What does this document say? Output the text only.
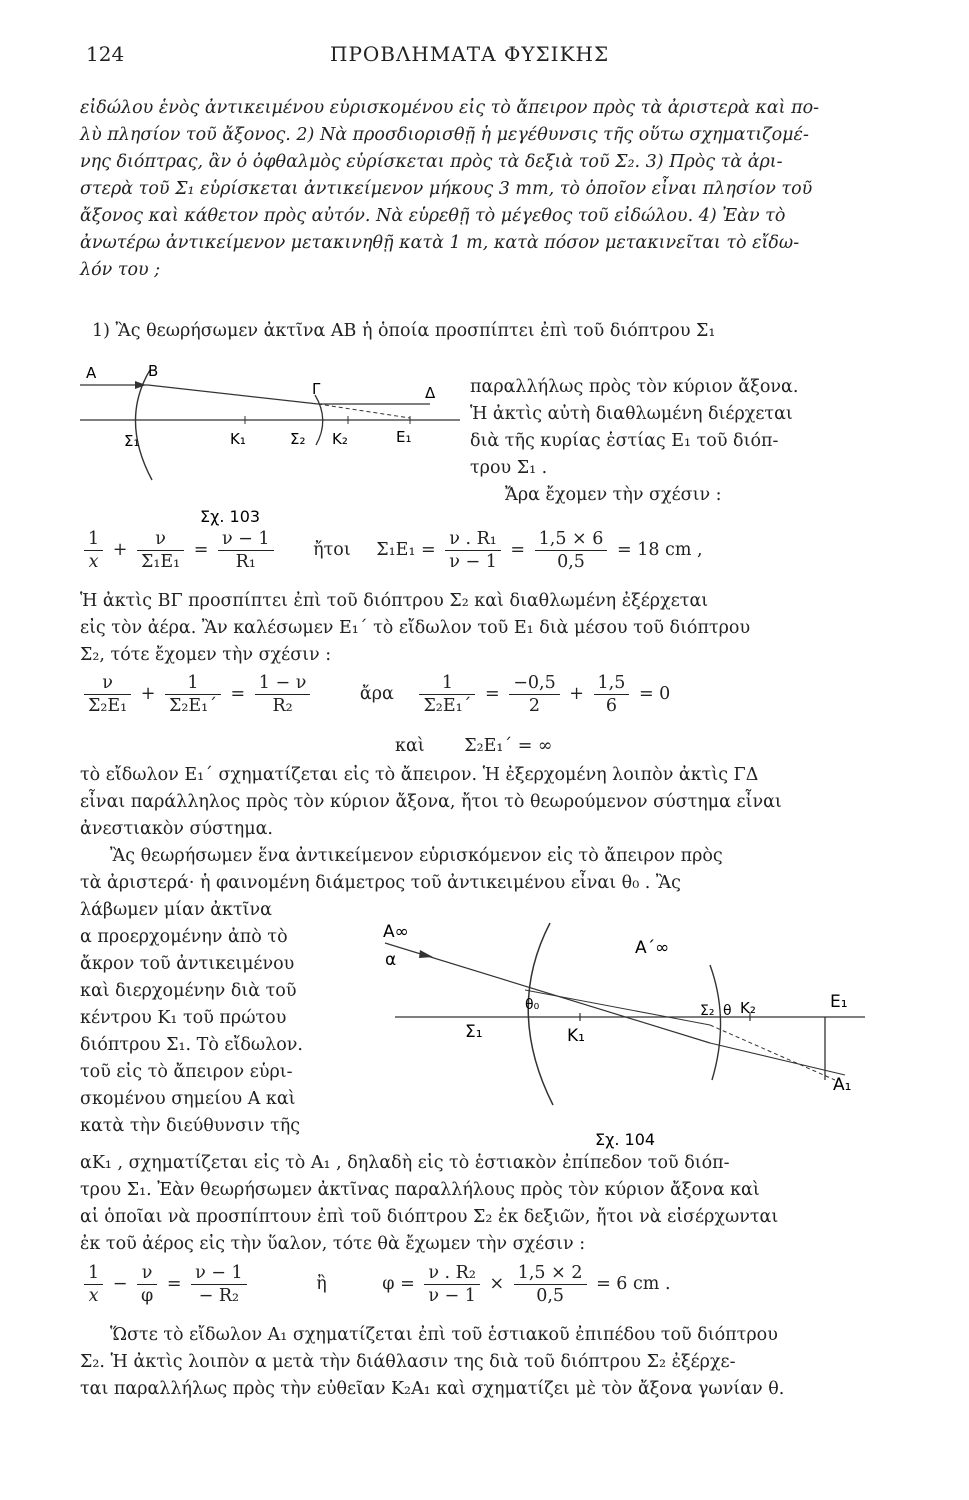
124	ΠΡΟΒΛΗΜΑΤΑ ΦΥΣΙΚΗΣ
εἰδώλου ἑνὸς ἀντικειμένου εὑρισκομένου εἰς τὸ ἄπειρον πρὸς τὰ ἀριστερὰ καὶ πο-
λὺ πλησίον τοῦ ἄξονος. 2) Νὰ προσδιορισθῇ ἡ μεγέθυνσις τῆς οὕτω σχηματιζομέ-
νης διόπτρας, ἂν ὁ ὀφθαλμὸς εὑρίσκεται πρὸς τὰ δεξιὰ τοῦ Σ₂. 3) Πρὸς τὰ ἀρι-
στερὰ τοῦ Σ₁ εὑρίσκεται ἀντικείμενον μήκους 3 mm, τὸ ὁποῖον εἶναι πλησίον τοῦ
ἄξονος καὶ κάθετον πρὸς αὐτόν. Νὰ εὑρεθῇ τὸ μέγεθος τοῦ εἰδώλου. 4) Ἐὰν τὸ
ἀνωτέρω ἀντικείμενον μετακινηθῇ κατὰ 1 m, κατὰ πόσον μετακινεῖται τὸ εἴδω-
λόν του ;
1) Ἂς θεωρήσωμεν ἀκτῖνα ΑΒ ἡ ὁποία προσπίπτει ἐπὶ τοῦ διόπτρου Σ₁
Α	Β
Γ	Δ
Σ₁	Κ₁	Σ₂ Κ₂	Ε₁
Σχ. 103
παραλλήλως πρὸς τὸν κύριον ἄξονα.
Ἡ ἀκτὶς αὐτὴ διαθλωμένη διέρχεται
διὰ τῆς κυρίας ἑστίας Ε₁ τοῦ διόπ-
τρου Σ₁ .
Ἄρα ἔχομεν τὴν σχέσιν :
$\frac{1}{x} + \frac{\nu}{\text{Σ₁Ε₁}} = \frac{\nu - 1}{\text{R₁}}$ ἤτοι $\Sigma_1E_1 = \frac{\text{ν . R₁}}{\nu - 1} = \frac{1,5 \times 6}{0,5} = 18$ cm ,
Ἡ ἀκτὶς ΒΓ προσπίπτει ἐπὶ τοῦ διόπτρου Σ₂ καὶ διαθλωμένη ἐξέρχεται
εἰς τὸν ἀέρα. Ἂν καλέσωμεν Ε₁΄ τὸ εἴδωλον τοῦ Ε₁ διὰ μέσου τοῦ διόπτρου
Σ₂, τότε ἔχομεν τὴν σχέσιν :
$\frac{\nu}{\text{Σ₂Ε₁}} + \frac{1}{\text{Σ₂Ε₁΄}} = \frac{1 - \nu}{\text{R₂}}$	ἄρα $\frac{1}{\text{Σ₂Ε₁΄}} = \frac{-0,5}{2} + \frac{1,5}{6} = 0$
καὶ Σ₂Ε₁΄ = ∞
τὸ εἴδωλον Ε₁΄ σχηματίζεται εἰς τὸ ἄπειρον. Ἡ ἐξερχομένη λοιπὸν ἀκτὶς ΓΔ
εἶναι παράλληλος πρὸς τὸν κύριον ἄξονα, ἤτοι τὸ θεωρούμενον σύστημα εἶναι
ἀνεστιακὸν σύστημα.
Ἂς θεωρήσωμεν ἕνα ἀντικείμενον εὑρισκόμενον εἰς τὸ ἄπειρον πρὸς
τὰ ἀριστερά· ἡ φαινομένη διάμετρος τοῦ ἀντικειμένου εἶναι θ₀ . Ἂς
λάβωμεν μίαν ἀκτῖνα
α προερχομένην ἀπὸ τὸ
ἄκρον τοῦ ἀντικειμένου
καὶ διερχομένην διὰ τοῦ
κέντρου Κ₁ τοῦ πρώτου
διόπτρου Σ₁. Τὸ εἴδωλον.
τοῦ εἰς τὸ ἄπειρον εὑρι-
σκομένου σημείου Α καὶ
κατὰ τὴν διεύθυνσιν τῆς
Α∞
α
Α΄∞
θ₀
Σ₁	Κ₁
Σ₂ θ Κ₂	Ε₁
Α₁
Σχ. 104
αΚ₁ , σχηματίζεται εἰς τὸ Α₁ , δηλαδὴ εἰς τὸ ἑστιακὸν ἐπίπεδον τοῦ διόπ-
τρου Σ₁. Ἐὰν θεωρήσωμεν ἀκτῖνας παραλλήλους πρὸς τὸν κύριον ἄξονα καὶ
αἱ ὁποῖαι νὰ προσπίπτουν ἐπὶ τοῦ διόπτρου Σ₂ ἐκ δεξιῶν, ἤτοι νὰ εἰσέρχωνται
ἐκ τοῦ ἀέρος εἰς τὴν ὕαλον, τότε θὰ ἔχωμεν τὴν σχέσιν :
$\frac{1}{x} - \frac{\nu}{\varphi} = \frac{\nu - 1}{\text{− R₂}}$	ἢ	$\varphi = \frac{\text{ν . R₂}}{\nu - 1} \times \frac{1,5 \times 2}{0,5} = 6$ cm .
Ὥστε τὸ εἴδωλον Α₁ σχηματίζεται ἐπὶ τοῦ ἑστιακοῦ ἐπιπέδου τοῦ διόπτρου
Σ₂. Ἡ ἀκτὶς λοιπὸν α μετὰ τὴν διάθλασιν της διὰ τοῦ διόπτρου Σ₂ ἐξέρχε-
ται παραλλήλως πρὸς τὴν εὐθεῖαν Κ₂Α₁ καὶ σχηματίζει μὲ τὸν ἄξονα γωνίαν θ.
